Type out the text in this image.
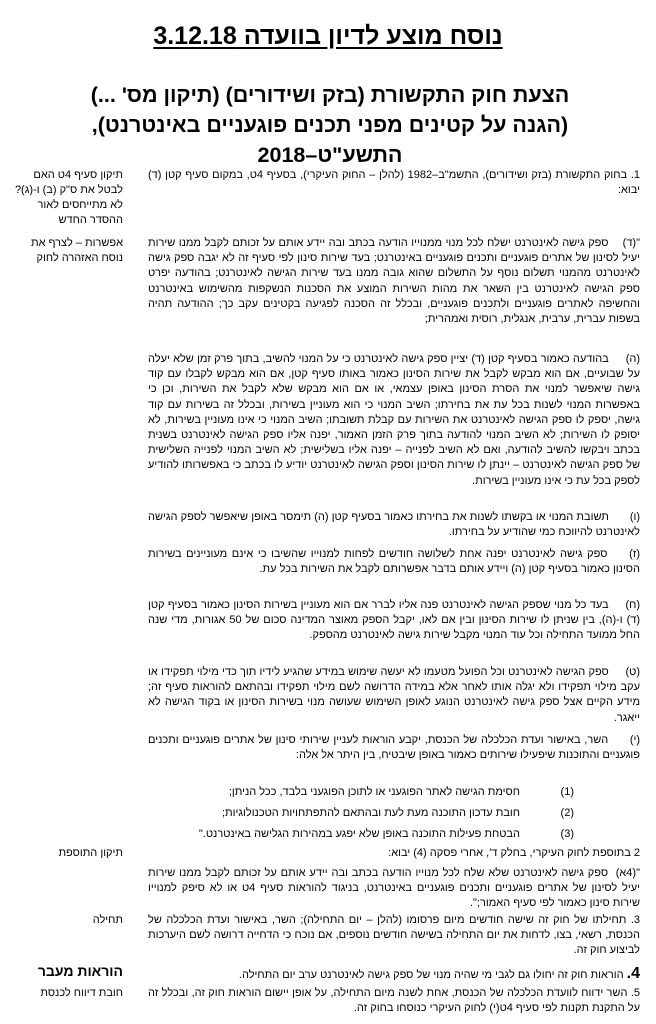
נוסח מוצע לדיון בוועדה 3.12.18
הצעת חוק התקשורת (בזק ושידורים) (תיקון מס' ...)
(הגנה על קטינים מפני תכנים פוגעניים באינטרנט),
התשע"ט–2018
תיקון סעיף 4ט האם לבטל את ס"ק (ב) ו-(ג)? לא מתייחסים לאור ההסדר החדש
אפשרות – לצרף את נוסח האזהרה לחוק
תיקון התוספת
תחילה
הוראות מעבר
חובת דיווח לכנסת
1. בחוק התקשורת (בזק ושידורים), התשמ"ב–1982 (להלן – החוק העיקרי), בסעיף 4ט, במקום סעיף קטן (ד) יבוא:
"(ד) ספק גישה לאינטרנט ישלח לכל מנוי ממנוייו הודעה בכתב ובה יידע אותם על זכותם לקבל ממנו שירות יעיל לסינון של אתרים פוגעניים ותכנים פוגעניים באינטרנט; בעד שירות סינון לפי סעיף זה לא יגבה ספק גישה לאינטרנט מהמנוי תשלום נוסף על התשלום שהוא גובה ממנו בעד שירות הגישה לאינטרנט; בהודעה יפרט ספק הגישה לאינטרנט בין השאר את מהות השירות המוצע את הסכנות הנשקפות מהשימוש באינטרנט והחשיפה לאתרים פוגעניים ולתכנים פוגעניים, ובכלל זה הסכנה לפגיעה בקטינים עקב כך; ההודעה תהיה בשפות עברית, ערבית, אנגלית, רוסית ואמהרית;
(ה) בהודעה כאמור בסעיף קטן (ד) יציין ספק גישה לאינטרנט כי על המנוי להשיב, בתוך פרק זמן שלא יעלה על שבועיים, אם הוא מבקש לקבל את שירות הסינון כאמור באותו סעיף קטן, אם הוא מבקש לקבלו עם קוד גישה שיאפשר למנוי את הסרת הסינון באופן עצמאי, או אם הוא מבקש שלא לקבל את השירות, וכן כי באפשרות המנוי לשנות בכל עת את בחירתו; השיב המנוי כי הוא מעוניין בשירות, ובכלל זה בשירות עם קוד גישה, יספק לו ספק הגישה לאינטרנט את השירות עם קבלת תשובתו; השיב המנוי כי אינו מעוניין בשירות, לא יסופק לו השירות; לא השיב המנוי להודעה בתוך פרק הזמן האמור, יפנה אליו ספק הגישה לאינטרנט בשנית בכתב ויבקשו להשיב להודעה, ואם לא השיב לפנייה – יפנה אליו בשלישית; לא השיב המנוי לפנייה השלישית של ספק הגישה לאינטרנט – יינתן לו שירות הסינון וספק הגישה לאינטרנט יודיע לו בכתב כי באפשרותו להודיע לספק בכל עת כי אינו מעוניין בשירות.
(ו) תשובת המנוי או בקשתו לשנות את בחירתו כאמור בסעיף קטן (ה) תימסר באופן שיאפשר לספק הגישה לאינטרנט להיווכח כמי שהודיע על בחירתו.
(ז) ספק גישה לאינטרנט יפנה אחת לשלושה חודשים לפחות למנוייו שהשיבו כי אינם מעוניינים בשירות הסינון כאמור בסעיף קטן (ה) ויידע אותם בדבר אפשרותם לקבל את השירות בכל עת.
(ח) בעד כל מנוי שספק הגישה לאינטרנט פנה אליו לברר אם הוא מעוניין בשירות הסינון כאמור בסעיף קטן (ד) ו-(ה), בין שניתן לו שירות הסינון ובין אם לאו, יקבל הספק מאוצר המדינה סכום של 50 אגורות, מדי שנה החל ממועד התחילה וכל עוד המנוי מקבל שירות גישה לאינטרנט מהספק.
(ט) ספק הגישה לאינטרנט וכל הפועל מטעמו לא יעשה שימוש במידע שהגיע לידיו תוך כדי מילוי תפקידו או עקב מילוי תפקידו ולא יגלה אותו לאחר אלא במידה הדרושה לשם מילוי תפקידו ובהתאם להוראות סעיף זה; מידע הקיים אצל ספק גישה לאינטרנט הנוגע לאופן השימוש שעושה מנוי בשירות הסינון או בקוד הגישה לא ייאגר.
(י) השר, באישור ועדת הכלכלה של הכנסת, יקבע הוראות לעניין שירותי סינון של אתרים פוגעניים ותכנים פוגעניים והתוכנות שיפעילו שירותים כאמור באופן שיבטיח, בין היתר אל אלה:
(1)
חסימת הגישה לאתר הפוגעני או לתוכן הפוגעני בלבד, ככל הניתן;
(2)
חובת עדכון התוכנה מעת לעת ובהתאם להתפתחויות הטכנולוגיות;
(3)
הבטחת פעילות התוכנה באופן שלא יפגע במהירות הגלישה באינטרנט."
2 בתוספת לחוק העיקרי, בחלק ד', אחרי פסקה (4) יבוא:
"(4א) ספק גישה לאינטרנט שלא שלח לכל מנוייו הודעה בכתב ובה יידע אותם על זכותם לקבל ממנו שירות יעיל לסינון של אתרים פוגעניים ותכנים פוגעניים באינטרנט, בניגוד להוראות סעיף 4ט או לא סיפק למנוייו שירות סינון כאמור לפי סעיף האמור;".
3. תחילתו של חוק זה שישה חודשים מיום פרסומו (להלן – יום התחילה); השר, באישור ועדת הכלכלה של הכנסת, רשאי, בצו, לדחות את יום התחילה בשישה חודשים נוספים, אם נוכח כי הדחייה דרושה לשם היערכות לביצוע חוק זה.
4. הוראות חוק זה יחולו גם לגבי מי שהיה מנוי של ספק גישה לאינטרנט ערב יום התחילה.
5. השר ידווח לוועדת הכלכלה של הכנסת, אחת לשנה מיום התחילה, על אופן יישום הוראות חוק זה, ובכלל זה על התקנת תקנות לפי סעיף 4ט(י) לחוק העיקרי כנוסחו בחוק זה.
